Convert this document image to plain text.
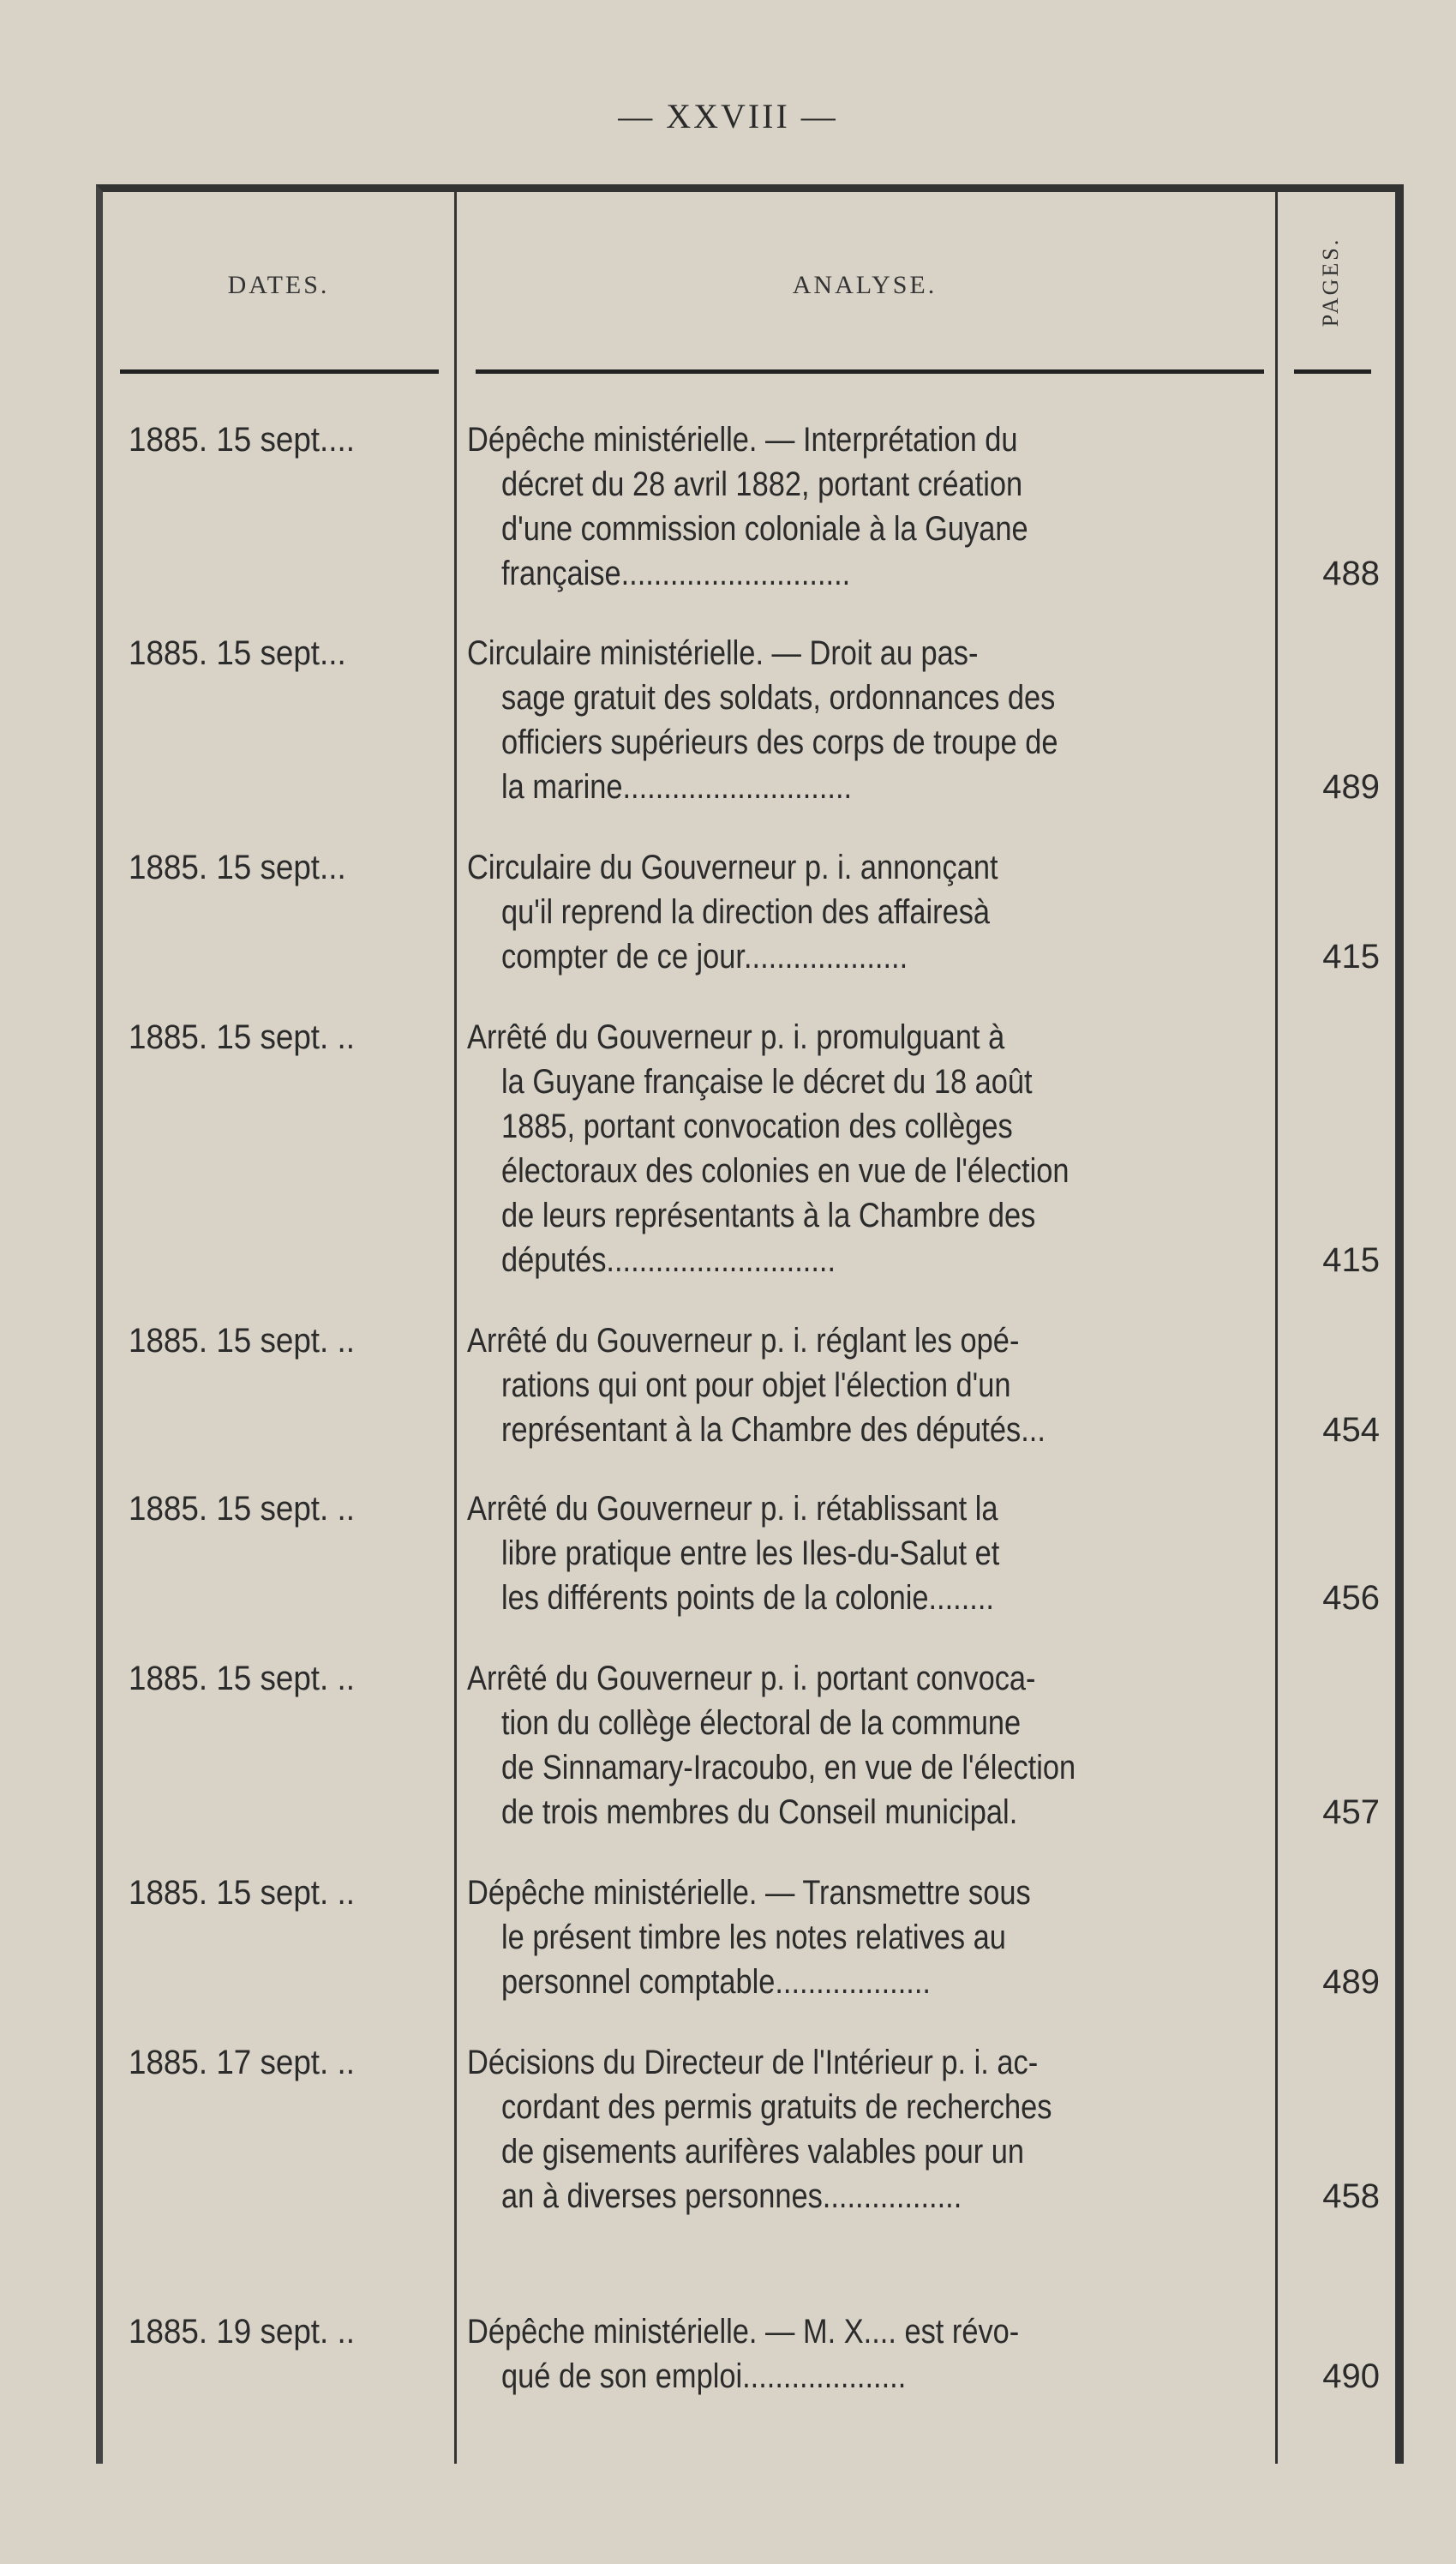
— XXVIII —
DATES.	ANALYSE.	PAGES.
1885. 15 sept....	Dépêche ministérielle. — Interprétation du
décret du 28 avril 1882, portant création
d'une commission coloniale à la Guyane
française............................	488
1885. 15 sept...	Circulaire ministérielle. — Droit au pas-
sage gratuit des soldats, ordonnances des
officiers supérieurs des corps de troupe de
la marine............................	489
1885. 15 sept...	Circulaire du Gouverneur p. i. annonçant
qu'il reprend la direction des affairesà
compter de ce jour....................	415
1885. 15 sept. ..	Arrêté du Gouverneur p. i. promulguant à
la Guyane française le décret du 18 août
1885, portant convocation des collèges
électoraux des colonies en vue de l'élection
de leurs représentants à la Chambre des
députés............................	415
1885. 15 sept. ..	Arrêté du Gouverneur p. i. réglant les opé-
rations qui ont pour objet l'élection d'un
représentant à la Chambre des députés...	454
1885. 15 sept. ..	Arrêté du Gouverneur p. i. rétablissant la
libre pratique entre les Iles-du-Salut et
les différents points de la colonie........	456
1885. 15 sept. ..	Arrêté du Gouverneur p. i. portant convoca-
tion du collège électoral de la commune
de Sinnamary-Iracoubo, en vue de l'élection
de trois membres du Conseil municipal.	457
1885. 15 sept. ..	Dépêche ministérielle. — Transmettre sous
le présent timbre les notes relatives au
personnel comptable...................	489
1885. 17 sept. ..	Décisions du Directeur de l'Intérieur p. i. ac-
cordant des permis gratuits de recherches
de gisements aurifères valables pour un
an à diverses personnes.................	458
1885. 19 sept. ..	Dépêche ministérielle. — M. X.... est révo-
qué de son emploi....................	490
